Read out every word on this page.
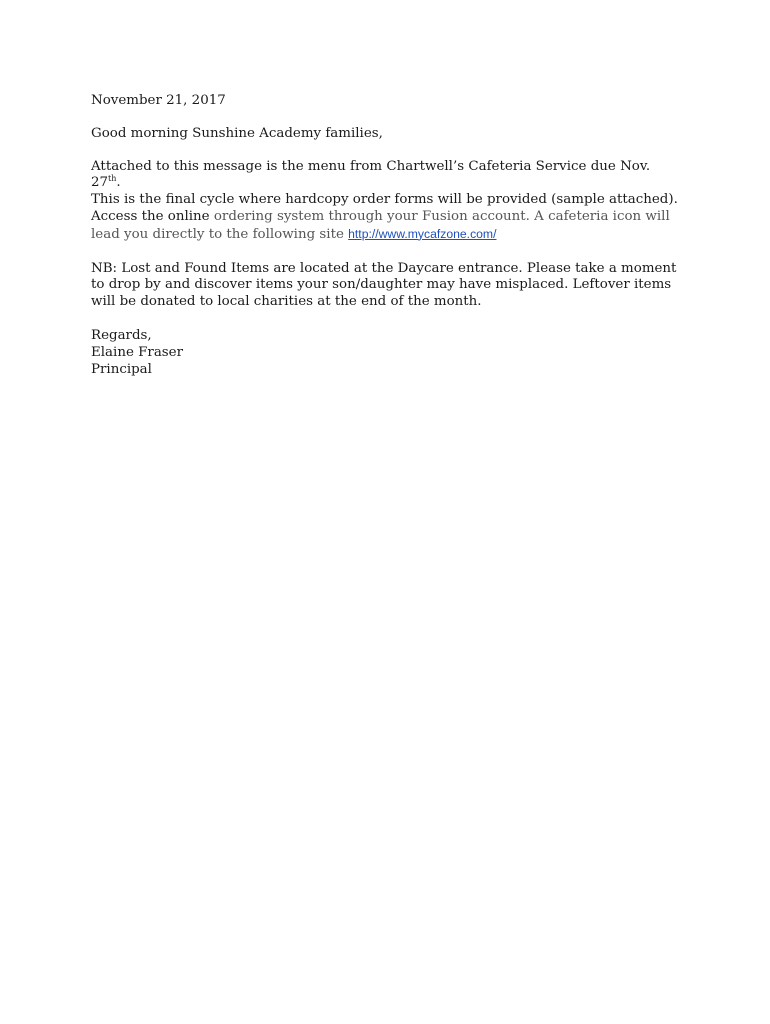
November 21, 2017

Good morning Sunshine Academy families,

Attached to this message is the menu from Chartwell’s Cafeteria Service due Nov. 27th.

This is the final cycle where hardcopy order forms will be provided (sample attached).

Access the online ordering system through your Fusion account. A cafeteria icon will

lead you directly to the following site http://www.mycafzone.com/

NB: Lost and Found Items are located at the Daycare entrance. Please take a moment

to drop by and discover items your son/daughter may have misplaced. Leftover items

will be donated to local charities at the end of the month.

Regards,

Elaine Fraser

Principal
